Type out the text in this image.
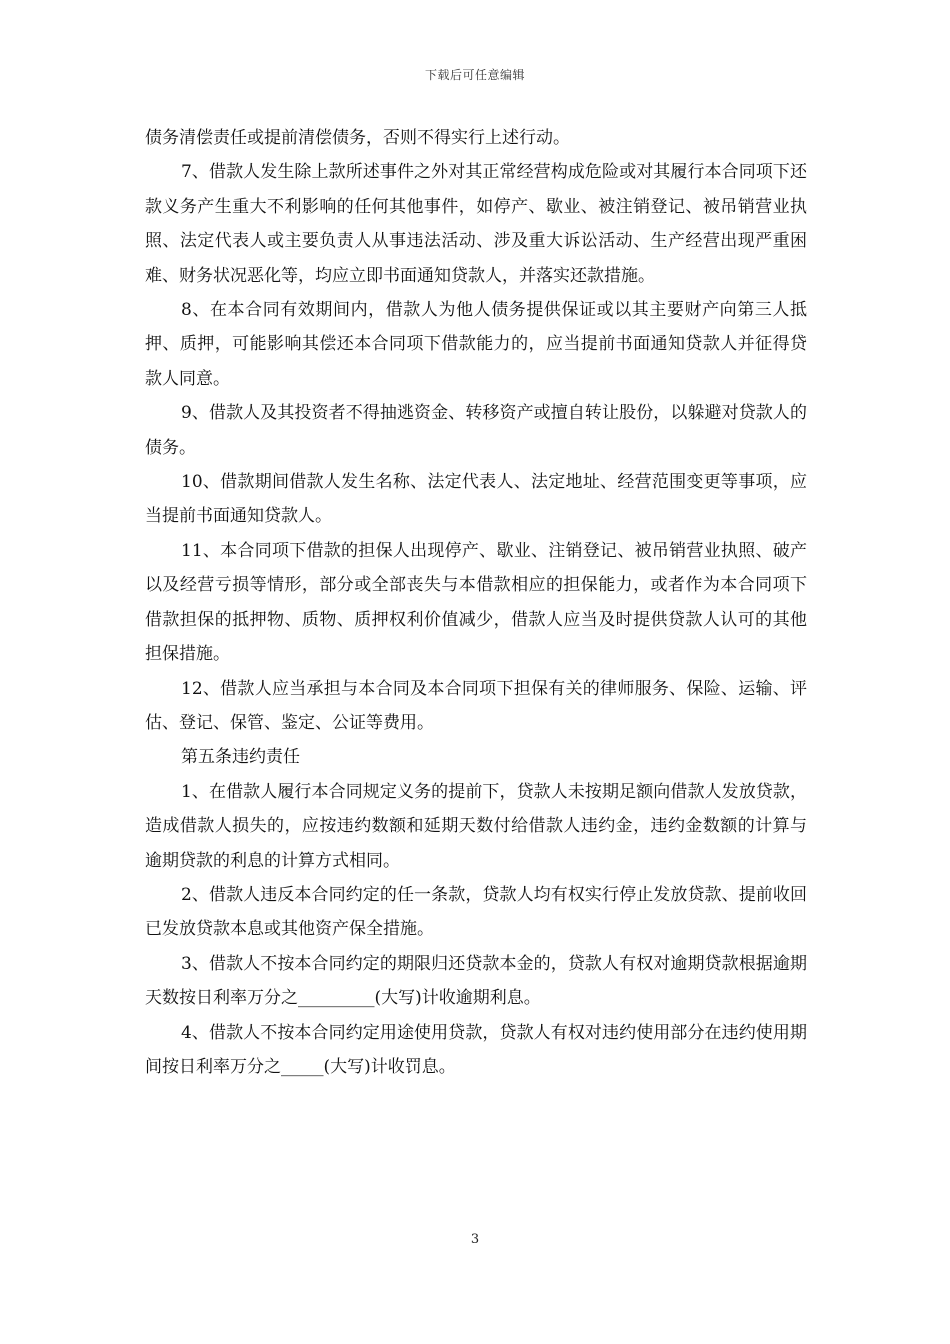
下载后可任意编辑

债务清偿责任或提前清偿债务，否则不得实行上述行动。

7、借款人发生除上款所述事件之外对其正常经营构成危险或对其履行本合同项下还款义务产生重大不利影响的任何其他事件，如停产、歇业、被注销登记、被吊销营业执照、法定代表人或主要负责人从事违法活动、涉及重大诉讼活动、生产经营出现严重困难、财务状况恶化等，均应立即书面通知贷款人，并落实还款措施。

8、在本合同有效期间内，借款人为他人债务提供保证或以其主要财产向第三人抵押、质押，可能影响其偿还本合同项下借款能力的，应当提前书面通知贷款人并征得贷款人同意。

9、借款人及其投资者不得抽逃资金、转移资产或擅自转让股份，以躲避对贷款人的债务。

10、借款期间借款人发生名称、法定代表人、法定地址、经营范围变更等事项，应当提前书面通知贷款人。

11、本合同项下借款的担保人出现停产、歇业、注销登记、被吊销营业执照、破产以及经营亏损等情形，部分或全部丧失与本借款相应的担保能力，或者作为本合同项下借款担保的抵押物、质物、质押权利价值减少，借款人应当及时提供贷款人认可的其他担保措施。

12、借款人应当承担与本合同及本合同项下担保有关的律师服务、保险、运输、评估、登记、保管、鉴定、公证等费用。

第五条违约责任

1、在借款人履行本合同规定义务的提前下，贷款人未按期足额向借款人发放贷款，造成借款人损失的，应按违约数额和延期天数付给借款人违约金，违约金数额的计算与逾期贷款的利息的计算方式相同。

2、借款人违反本合同约定的任一条款，贷款人均有权实行停止发放贷款、提前收回已发放贷款本息或其他资产保全措施。

3、借款人不按本合同约定的期限归还贷款本金的，贷款人有权对逾期贷款根据逾期天数按日利率万分之_________(大写)计收逾期利息。

4、借款人不按本合同约定用途使用贷款，贷款人有权对违约使用部分在违约使用期间按日利率万分之_____(大写)计收罚息。

3
